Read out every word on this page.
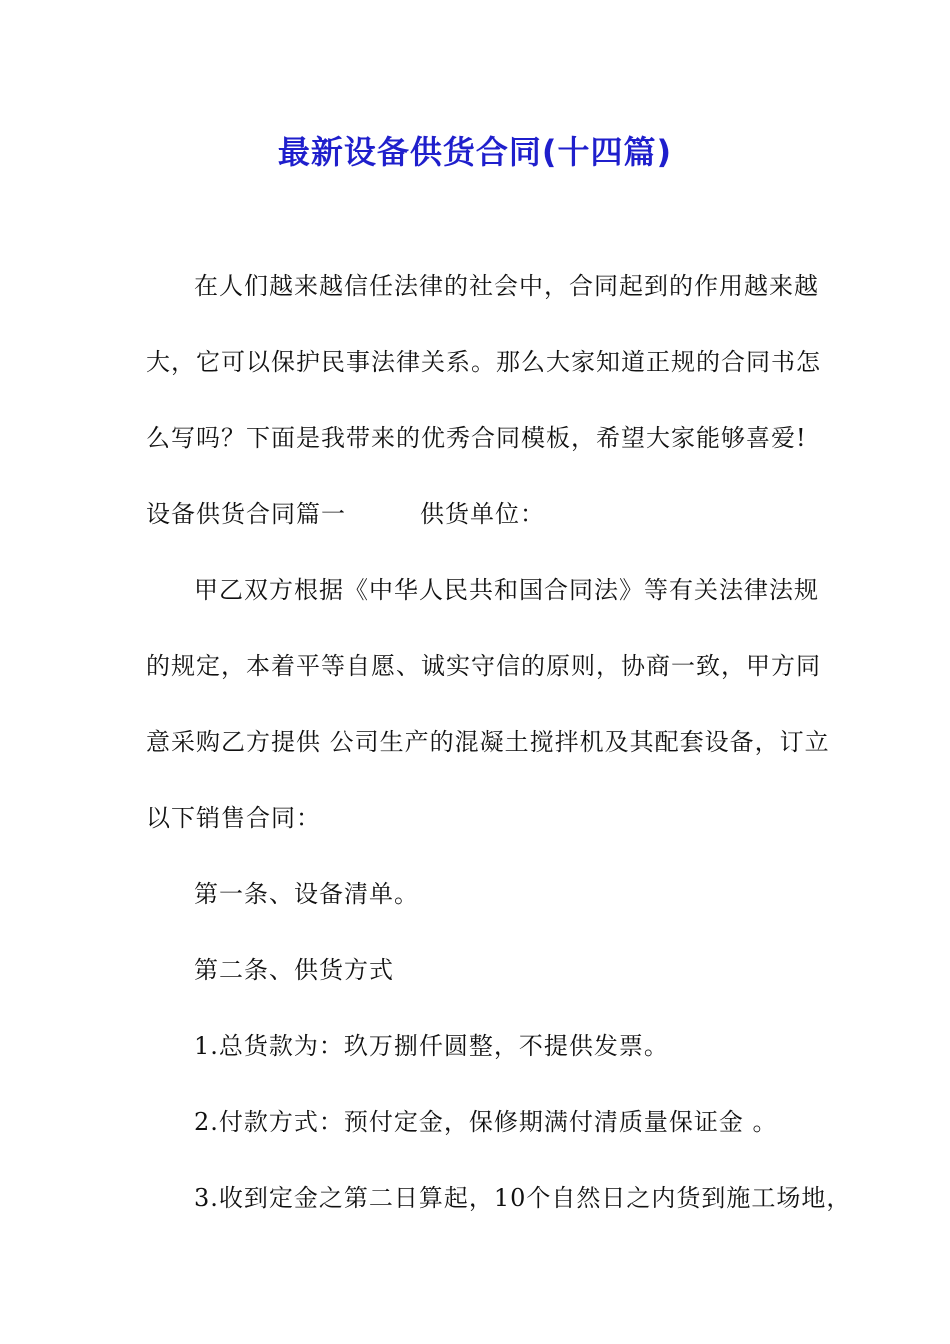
最新设备供货合同(十四篇)
在人们越来越信任法律的社会中，合同起到的作用越来越
大，它可以保护民事法律关系。那么大家知道正规的合同书怎
么写吗？下面是我带来的优秀合同模板，希望大家能够喜爱!
设备供货合同篇一	供货单位：
甲乙双方根据《中华人民共和国合同法》等有关法律法规
的规定，本着平等自愿、诚实守信的原则，协商一致，甲方同
意采购乙方提供 公司生产的混凝土搅拌机及其配套设备，订立
以下销售合同：
第一条、设备清单。
第二条、供货方式
1.总货款为：玖万捌仟圆整，不提供发票。
2.付款方式：预付定金，保修期满付清质量保证金 。
3.收到定金之第二日算起，10个自然日之内货到施工场地，
